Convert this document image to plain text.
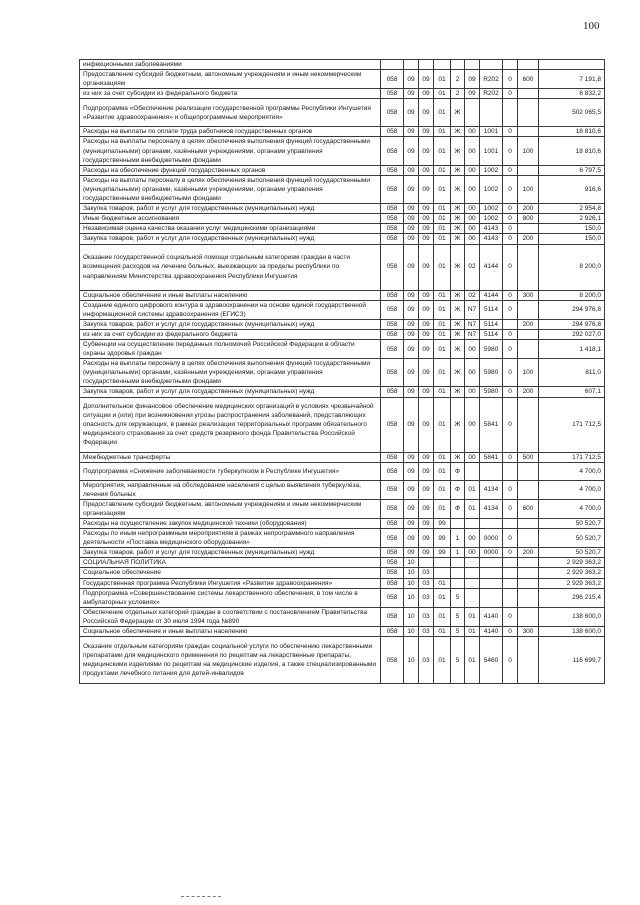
100
инфекционными заболеваниями										
Предоставление субсидий бюджетным, автономным учреждениям и иным некоммерческим организациям	058	09	09	01	2	09	R202	0	600	7 191,8
из них за счет субсидии из федерального бюджета	058	09	09	01	2	09	R202	0		6 832,2
Подпрограмма «Обеспечение реализации государственной программы Республики Ингушетия «Развитие здравоохранения» и общепрограммные мероприятия»	058	09	09	01	Ж					502 065,5
Расходы на выплаты по оплате труда работников государственных органов	058	09	09	01	Ж	00	1001	0		18 810,6
Расходы на выплаты персоналу в целях обеспечения выполнения функций государственными (муниципальными) органами, казёнными учреждениями, органами управления государственными внебюджетными фондами	058	09	09	01	Ж	00	1001	0	100	18 810,6
Расходы на обеспечение функций государственных органов	058	09	09	01	Ж	00	1002	0		6 797,5
Расходы на выплаты персоналу в целях обеспечения выполнения функций государственными (муниципальными) органами, казёнными учреждениями, органами управления государственными внебюджетными фондами	058	09	09	01	Ж	00	1002	0	100	916,6
Закупка товаров, работ и услуг для государственных (муниципальных) нужд	058	09	09	01	Ж	00	1002	0	200	2 954,8
Иные бюджетные ассигнования	058	09	09	01	Ж	00	1002	0	800	2 926,1
Независимая оценка качества оказания услуг медицинскими организациями	058	09	09	01	Ж	00	4143	0		150,0
Закупка товаров, работ и услуг для государственных (муниципальных) нужд	058	09	09	01	Ж	00	4143	0	200	150,0
Оказание государственной социальной помощи отдельным категориям граждан в части возмещения расходов на лечение больных, выезжающих за пределы республики по направлениям Министерства здравоохранения Республики Ингушетия	058	09	09	01	Ж	02	4144	0		8 200,0
Социальное обеспечение и иные выплаты населению	058	09	09	01	Ж	02	4144	0	300	8 200,0
Создание единого цифрового контура в здравоохранении на основе единой государственной информационной системы здравоохранения (ЕГИСЗ)	058	09	09	01	Ж	N7	5114	0		294 976,8
Закупка товаров, работ и услуг для государственных (муниципальных) нужд	058	09	09	01	Ж	N7	5114		200	294 976,8
из них за счет субсидии из федерального бюджета	058	09	09	01	Ж	N7	5114	0		292 027,0
Субвенции на осуществление переданных полномочий Российской Федерации в области охраны здоровья граждан	058	09	09	01	Ж	00	5980	0		1 418,1
Расходы на выплаты персоналу в целях обеспечения выполнения функций государственными (муниципальными) органами, казёнными учреждениями, органами управления государственными внебюджетными фондами	058	09	09	01	Ж	00	5980	0	100	811,0
Закупка товаров, работ и услуг для государственных (муниципальных) нужд	058	09	09	01	Ж	00	5980	0	200	607,1
Дополнительное финансовое обеспечение медицинских организаций в условиях чрезвычайной ситуации и (или) при возникновении угрозы распространения заболеваний, представляющих опасность для окружающих, в рамках реализации территориальных программ обязательного медицинского страхования за счет средств резервного фонда Правительства Российской Федерации	058	09	09	01	Ж	00	5841	0		171 712,5
Межбюджетные трансферты	058	09	09	01	Ж	00	5841	0	500	171 712,5
Подпрограмма «Снижение заболеваемости туберкулезом в Республике Ингушетия»	058	09	09	01	Ф					4 700,0
Мероприятия, направленные на обследование населения с целью выявления туберкулёза, лечения больных	058	09	09	01	Ф	01	4134	0		4 700,0
Предоставление субсидий бюджетным, автономным учреждениям и иным некоммерческим организациям	058	09	09	01	Ф	01	4134	0	600	4 700,0
Расходы на осуществление закупок медицинской техники (оборудования)	058	09	09	99						50 520,7
Расходы по иным непрограммным мероприятиям в рамках непрограммного направления деятельности «Поставка медицинского оборудования»	058	09	09	99	1	00	0000	0		50 520,7
Закупка товаров, работ и услуг для государственных (муниципальных) нужд	058	09	09	99	1	00	0000	0	200	50 520,7
СОЦИАЛЬНАЯ ПОЛИТИКА	058	10								2 929 363,2
Социальное обеспечение	058	10	03							2 929 363,2
Государственная программа Республики Ингушетия «Развитие здравоохранения»	058	10	03	01						2 929 363,2
Подпрограмма «Совершенствование системы лекарственного обеспечения, в том числе в амбулаторных условиях»	058	10	03	01	5					296 215,4
Обеспечение отдельных категорий граждан в соответствии с постановлением Правительства Российской Федерации от 30 июля 1994 года №890	058	10	03	01	5	01	4140	0		138 600,0
Социальное обеспечение и иные выплаты населению	058	10	03	01	5	01	4140	0	300	138 600,0
Оказание отдельным категориям граждан социальной услуги по обеспечению лекарственными препаратами для медицинского применения по рецептам на лекарственные препараты, медицинскими изделиями по рецептам на медицинские изделия, а также специализированными продуктами лечебного питания для детей-инвалидов	058	10	03	01	5	01	5460	0		116 699,7
